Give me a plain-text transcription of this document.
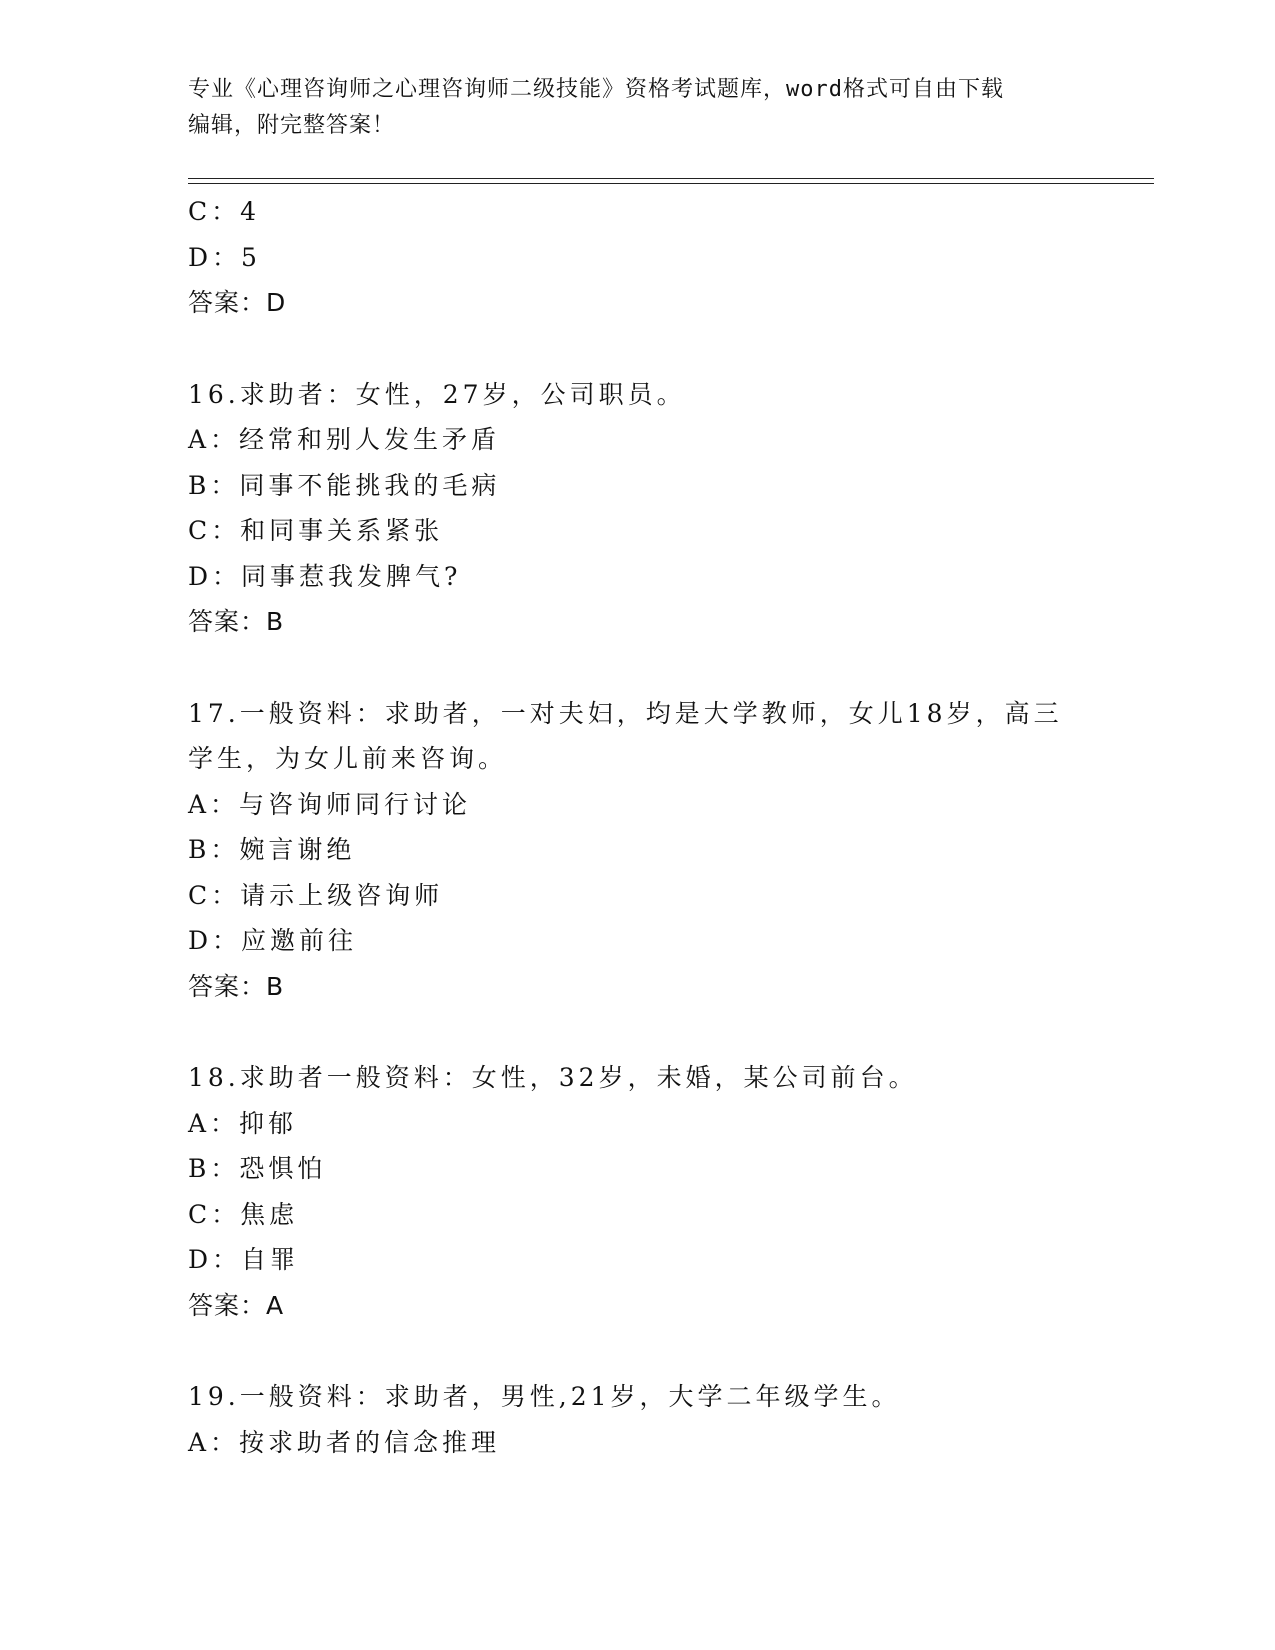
专业《心理咨询师之心理咨询师二级技能》资格考试题库，word格式可自由下载
编辑，附完整答案！
C：4
D：5
答案：D
16.求助者：女性，27岁，公司职员。
A：经常和别人发生矛盾
B：同事不能挑我的毛病
C：和同事关系紧张
D：同事惹我发脾气?
答案：B
17.一般资料：求助者，一对夫妇，均是大学教师，女儿18岁，高三
学生，为女儿前来咨询。
A：与咨询师同行讨论
B：婉言谢绝
C：请示上级咨询师
D：应邀前往
答案：B
18.求助者一般资料：女性，32岁，未婚，某公司前台。
A：抑郁
B：恐惧怕
C：焦虑
D：自罪
答案：A
19.一般资料：求助者，男性,21岁，大学二年级学生。
A：按求助者的信念推理
